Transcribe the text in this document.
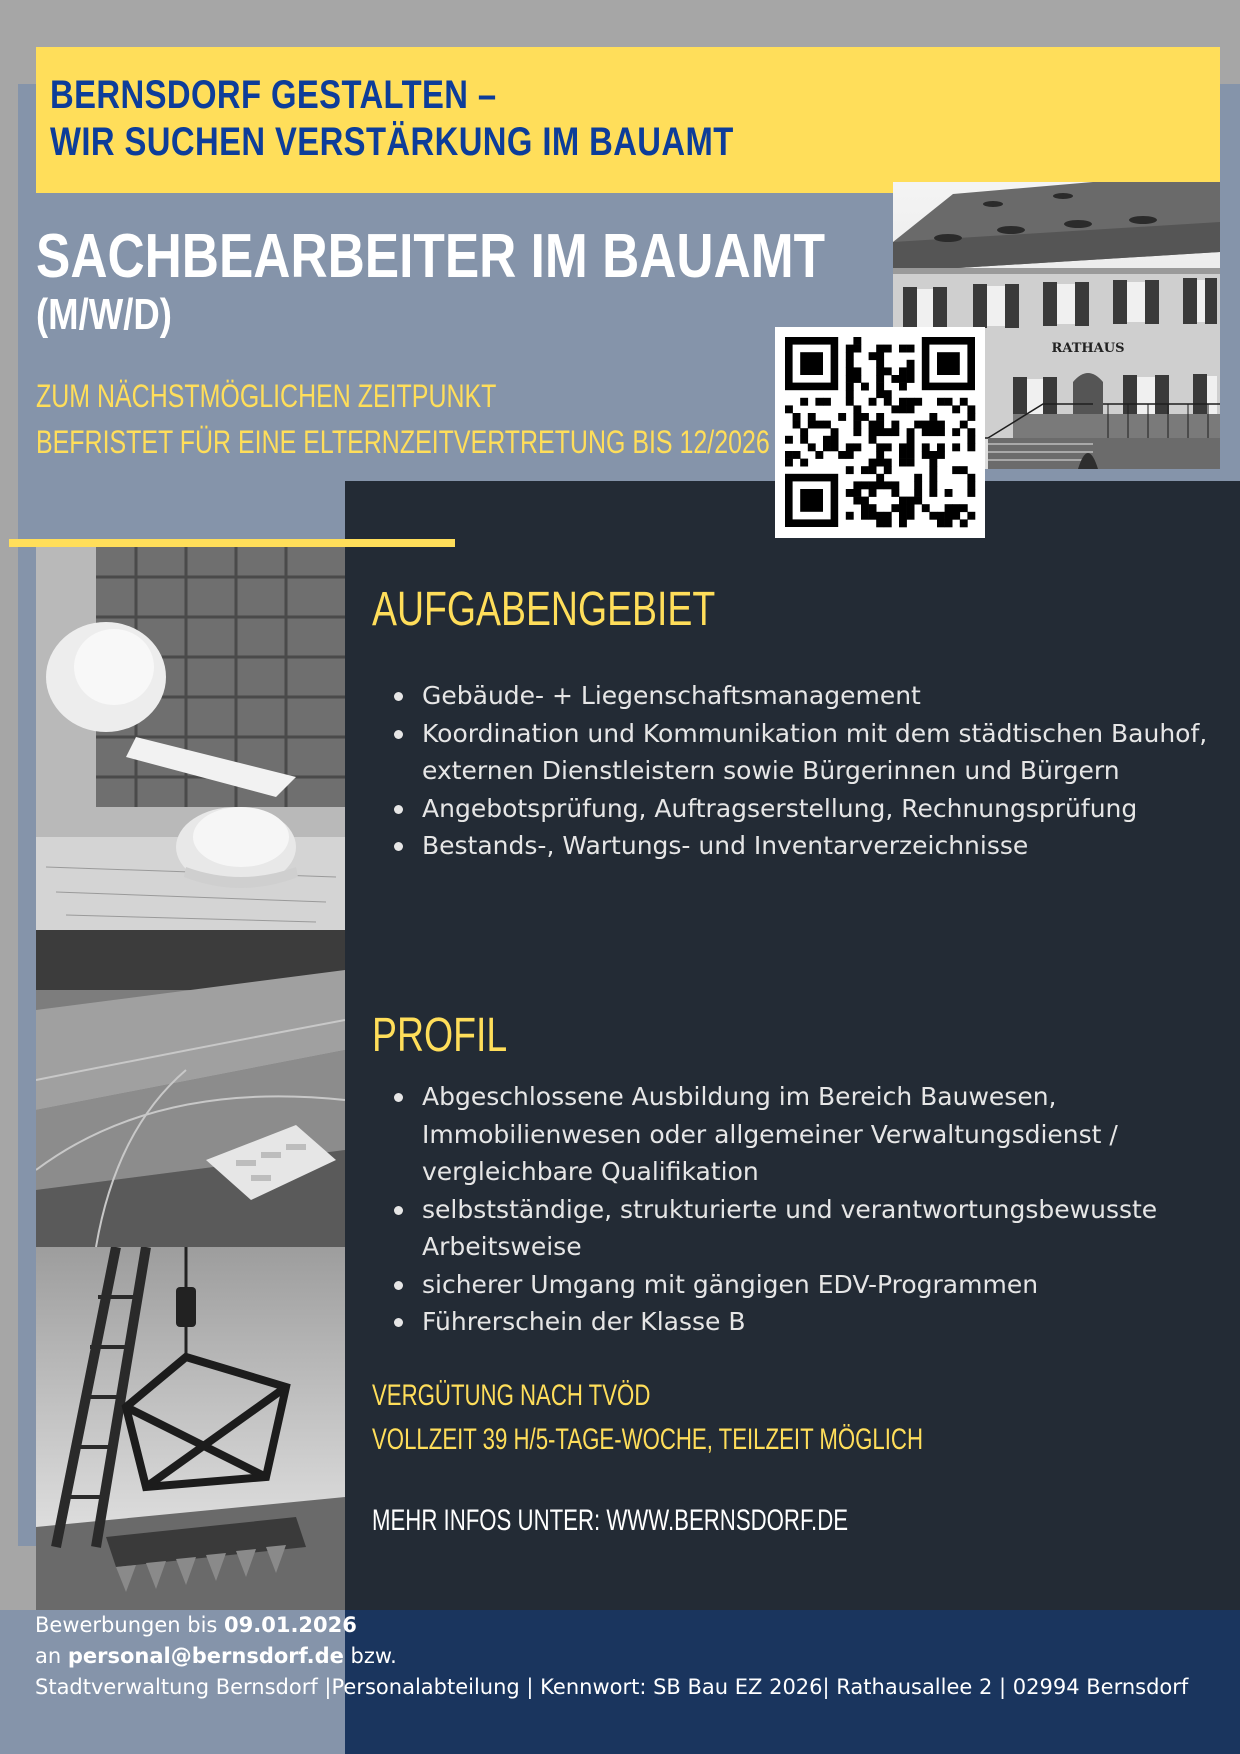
BERNSDORF GESTALTEN –
WIR SUCHEN VERSTÄRKUNG IM BAUAMT
SACHBEARBEITER IM BAUAMT
(M/W/D)
ZUM NÄCHSTMÖGLICHEN ZEITPUNKT
BEFRISTET FÜR EINE ELTERNZEITVERTRETUNG BIS 12/2026
RATHAUS
AUFGABENGEBIET
Gebäude- + Liegenschaftsmanagement
Koordination und Kommunikation mit dem städtischen Bauhof, externen Dienstleistern sowie Bürgerinnen und Bürgern
Angebotsprüfung, Auftragserstellung, Rechnungsprüfung
Bestands-, Wartungs- und Inventarverzeichnisse
PROFIL
Abgeschlossene Ausbildung im Bereich Bauwesen, Immobilienwesen oder allgemeiner Verwaltungsdienst / vergleichbare Qualifikation
selbstständige, strukturierte und verantwortungsbewusste Arbeitsweise
sicherer Umgang mit gängigen EDV-Programmen
Führerschein der Klasse B
VERGÜTUNG NACH TVÖD
VOLLZEIT 39 H/5-TAGE-WOCHE, TEILZEIT MÖGLICH
MEHR INFOS UNTER: WWW.BERNSDORF.DE
Bewerbungen bis 09.01.2026
an personal@bernsdorf.de bzw.
Stadtverwaltung Bernsdorf |Personalabteilung | Kennwort: SB Bau EZ 2026| Rathausallee 2 | 02994 Bernsdorf
